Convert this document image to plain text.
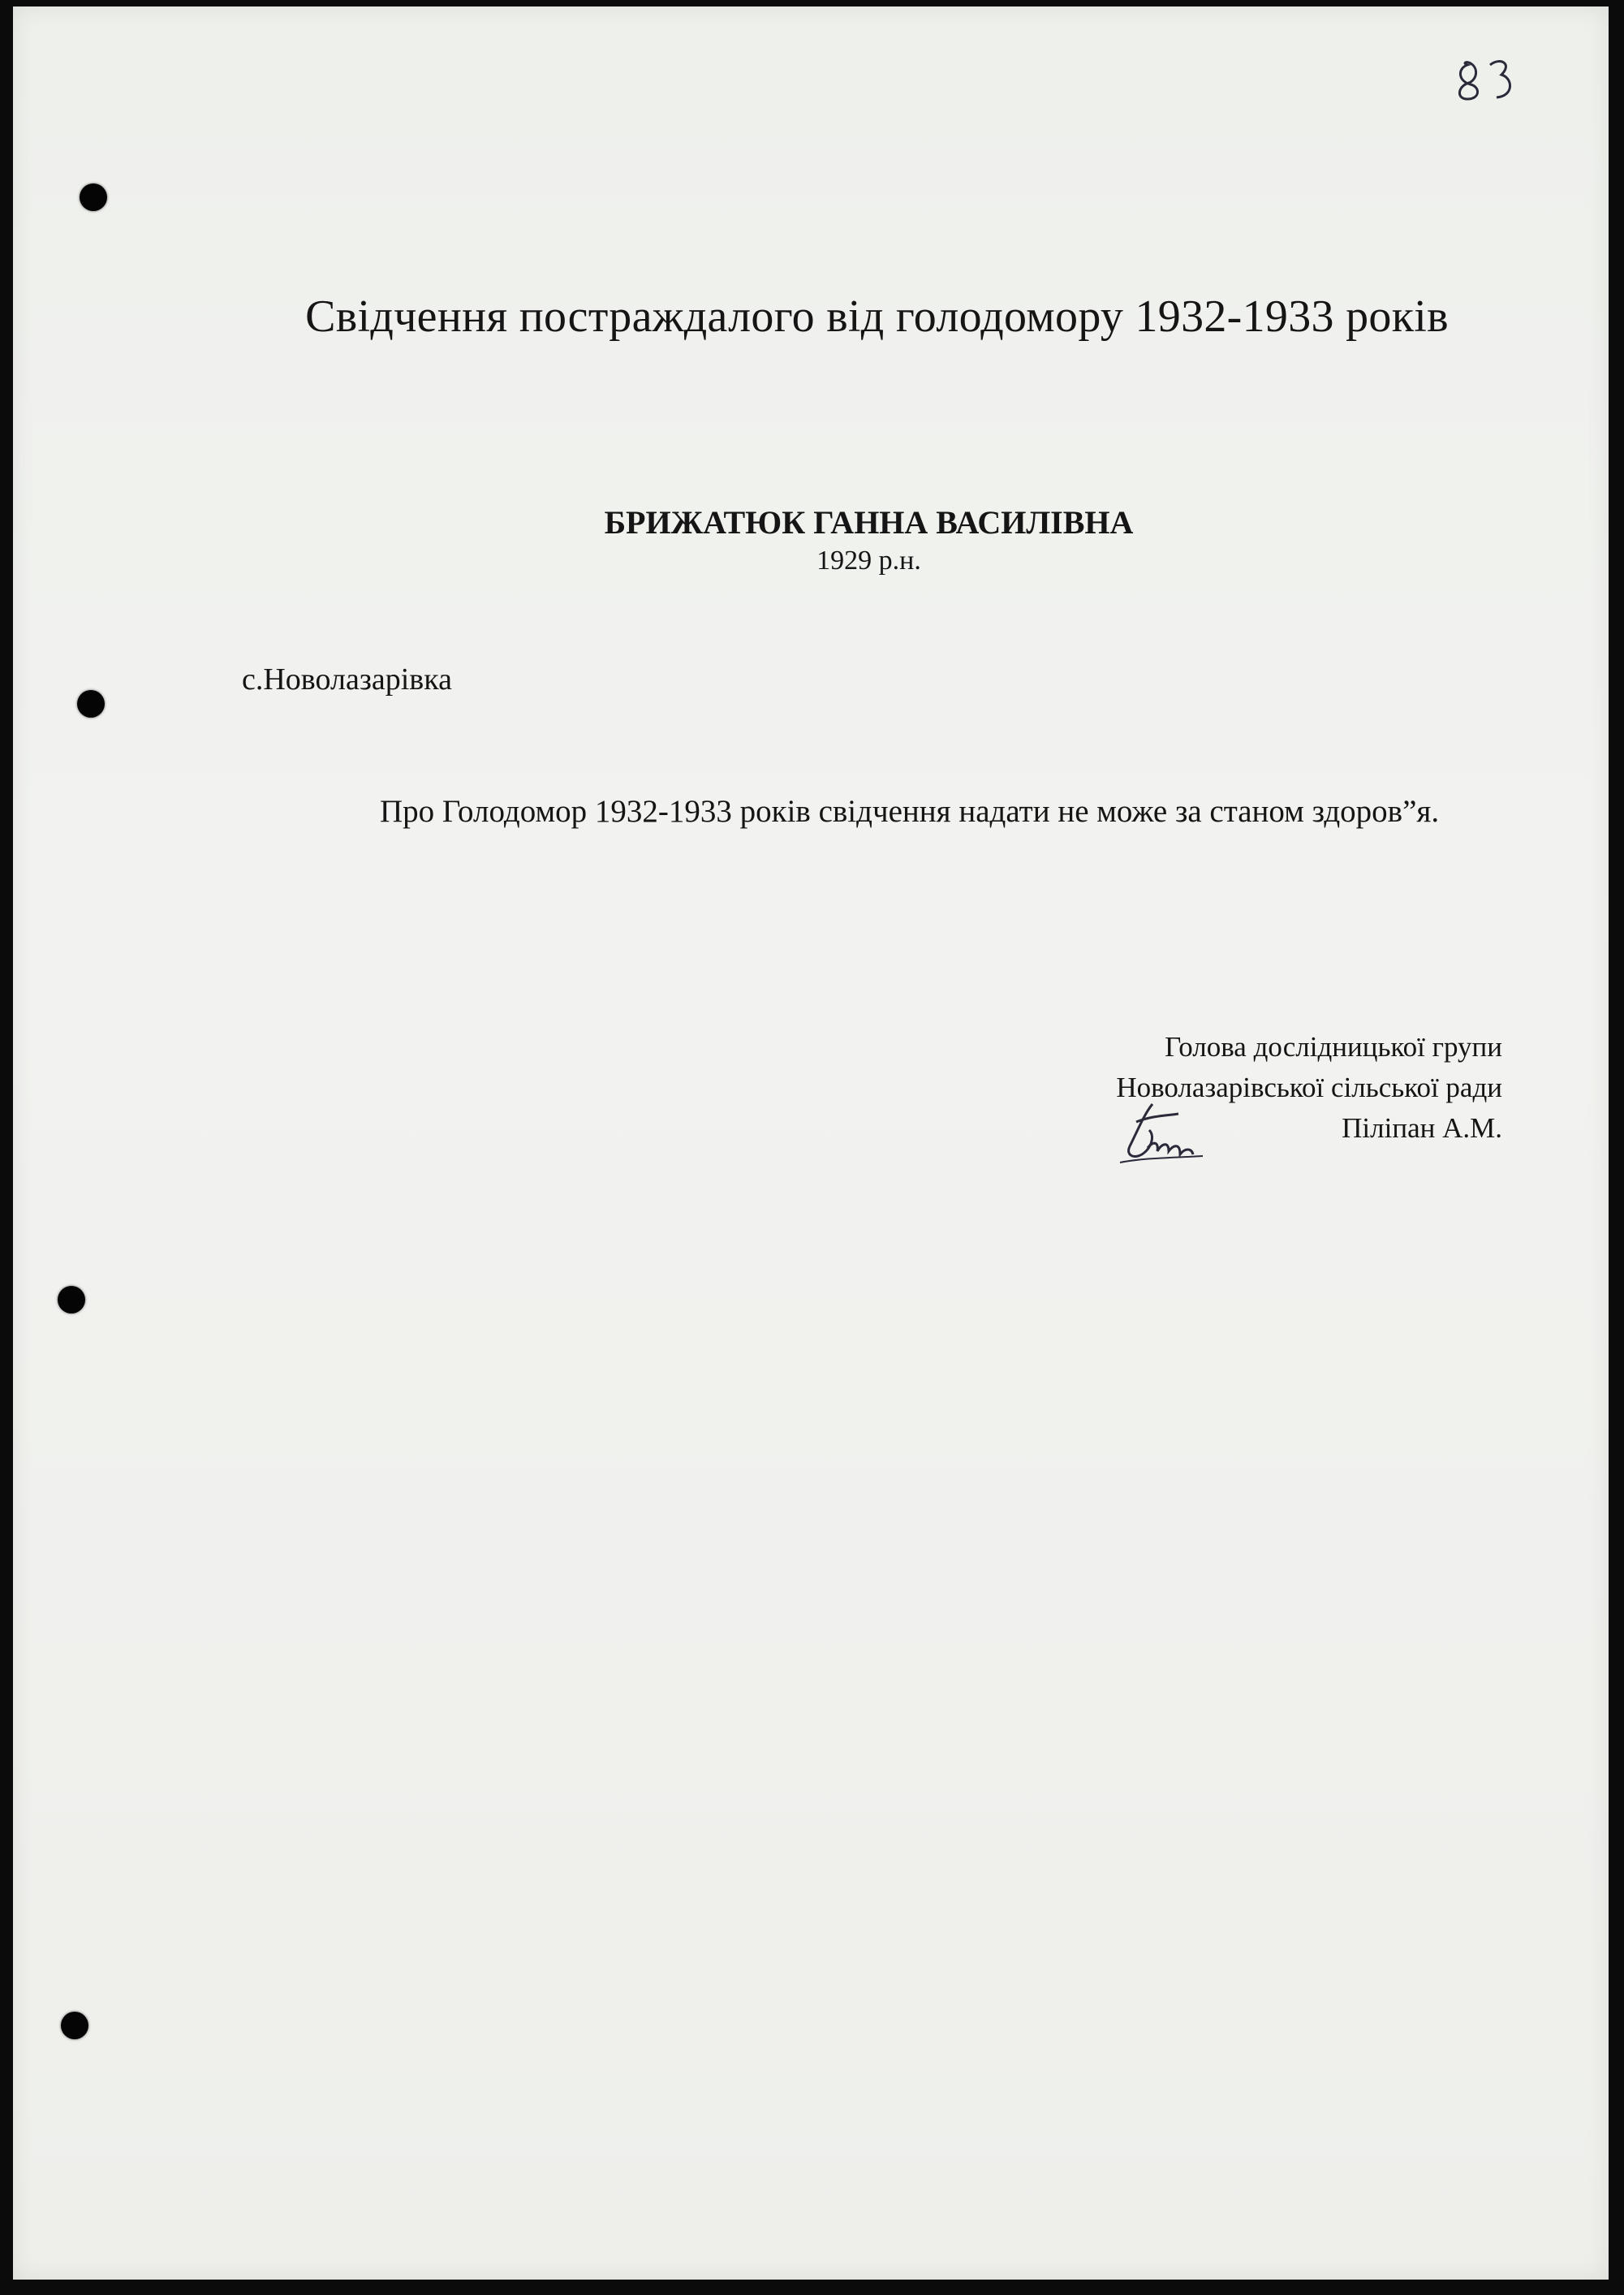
Свідчення постраждалого від голодомору 1932-1933 років
БРИЖАТЮК ГАННА ВАСИЛІВНА
1929 р.н.
с.Новолазарівка
Про Голодомор 1932-1933 років свідчення надати не може за станом здоров”я.
Голова дослідницької групи
Новолазарівської сільської ради
Піліпан А.М.
